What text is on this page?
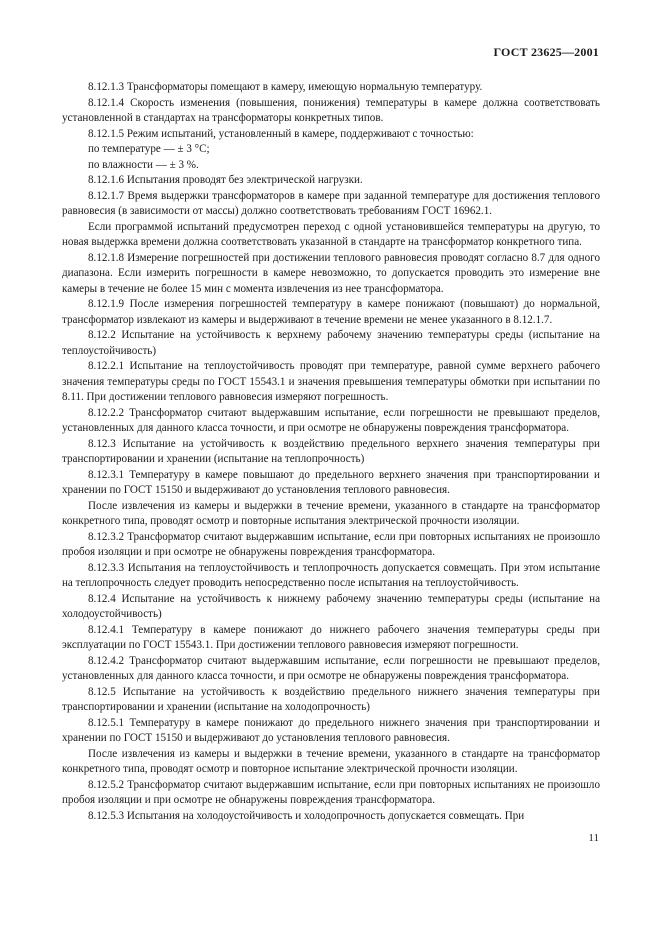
ГОСТ 23625—2001

8.12.1.3 Трансформаторы помещают в камеру, имеющую нормальную температуру.

8.12.1.4 Скорость изменения (повышения, понижения) температуры в камере должна соответствовать установленной в стандартах на трансформаторы конкретных типов.

8.12.1.5 Режим испытаний, установленный в камере, поддерживают с точностью:

по температуре — ± 3 °С;

по влажности — ± 3 %.

8.12.1.6 Испытания проводят без электрической нагрузки.

8.12.1.7 Время выдержки трансформаторов в камере при заданной температуре для достижения теплового равновесия (в зависимости от массы) должно соответствовать требованиям ГОСТ 16962.1.

Если программой испытаний предусмотрен переход с одной установившейся температуры на другую, то новая выдержка времени должна соответствовать указанной в стандарте на трансформатор конкретного типа.

8.12.1.8 Измерение погрешностей при достижении теплового равновесия проводят согласно 8.7 для одного диапазона. Если измерить погрешности в камере невозможно, то допускается проводить это измерение вне камеры в течение не более 15 мин с момента извлечения из нее трансформатора.

8.12.1.9 После измерения погрешностей температуру в камере понижают (повышают) до нормальной, трансформатор извлекают из камеры и выдерживают в течение времени не менее указанного в 8.12.1.7.

8.12.2 Испытание на устойчивость к верхнему рабочему значению температуры среды (испытание на теплоустойчивость)

8.12.2.1 Испытание на теплоустойчивость проводят при температуре, равной сумме верхнего рабочего значения температуры среды по ГОСТ 15543.1 и значения превышения температуры обмотки при испытании по 8.11. При достижении теплового равновесия измеряют погрешность.

8.12.2.2 Трансформатор считают выдержавшим испытание, если погрешности не превышают пределов, установленных для данного класса точности, и при осмотре не обнаружены повреждения трансформатора.

8.12.3 Испытание на устойчивость к воздействию предельного верхнего значения температуры при транспортировании и хранении (испытание на теплопрочность)

8.12.3.1 Температуру в камере повышают до предельного верхнего значения при транспортировании и хранении по ГОСТ 15150 и выдерживают до установления теплового равновесия.

После извлечения из камеры и выдержки в течение времени, указанного в стандарте на трансформатор конкретного типа, проводят осмотр и повторные испытания электрической прочности изоляции.

8.12.3.2 Трансформатор считают выдержавшим испытание, если при повторных испытаниях не произошло пробоя изоляции и при осмотре не обнаружены повреждения трансформатора.

8.12.3.3 Испытания на теплоустойчивость и теплопрочность допускается совмещать. При этом испытание на теплопрочность следует проводить непосредственно после испытания на теплоустойчивость.

8.12.4 Испытание на устойчивость к нижнему рабочему значению температуры среды (испытание на холодоустойчивость)

8.12.4.1 Температуру в камере понижают до нижнего рабочего значения температуры среды при эксплуатации по ГОСТ 15543.1. При достижении теплового равновесия измеряют погрешности.

8.12.4.2 Трансформатор считают выдержавшим испытание, если погрешности не превышают пределов, установленных для данного класса точности, и при осмотре не обнаружены повреждения трансформатора.

8.12.5 Испытание на устойчивость к воздействию предельного нижнего значения температуры при транспортировании и хранении (испытание на холодопрочность)

8.12.5.1 Температуру в камере понижают до предельного нижнего значения при транспортировании и хранении по ГОСТ 15150 и выдерживают до установления теплового равновесия.

После извлечения из камеры и выдержки в течение времени, указанного в стандарте на трансформатор конкретного типа, проводят осмотр и повторное испытание электрической прочности изоляции.

8.12.5.2 Трансформатор считают выдержавшим испытание, если при повторных испытаниях не произошло пробоя изоляции и при осмотре не обнаружены повреждения трансформатора.

8.12.5.3 Испытания на холодоустойчивость и холодопрочность допускается совмещать. При

11
